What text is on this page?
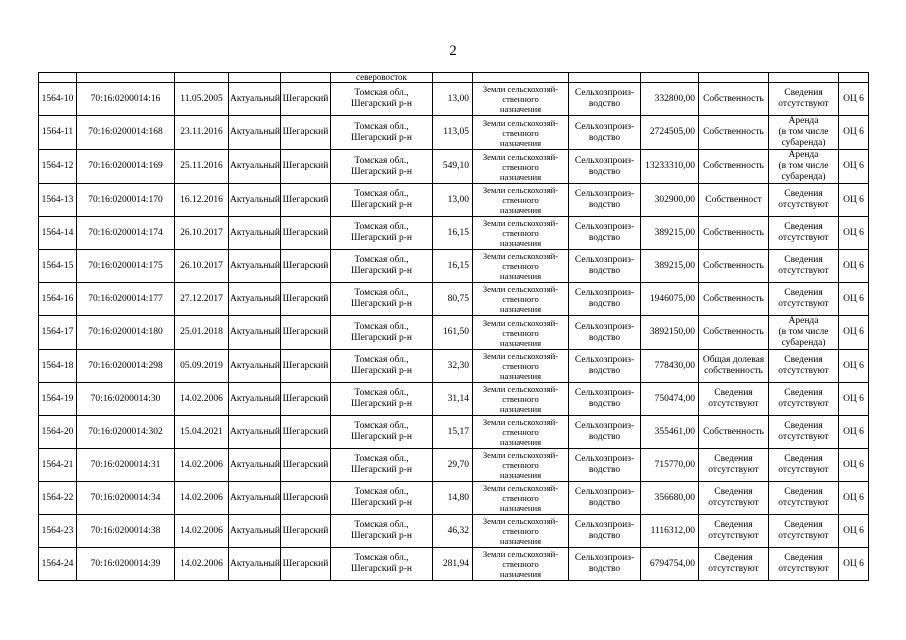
2
					северовосток							
1564-10	70:16:0200014:16	11.05.2005	Актуальный	Шегарский	Томская обл.,
Шегарский р-н	13,00	Земли сельскохозяй-
ственного
назначения	Сельхозпроиз-
водство	332800,00	Собственность	Сведения
отсутствуют	ОЦ 6
1564-11	70:16:0200014:168	23.11.2016	Актуальный	Шегарский	Томская обл.,
Шегарский р-н	113,05	Земли сельскохозяй-
ственного
назначения	Сельхозпроиз-
водство	2724505,00	Собственность	Аренда
(в том числе
субаренда)	ОЦ 6
1564-12	70:16:0200014:169	25.11.2016	Актуальный	Шегарский	Томская обл.,
Шегарский р-н	549,10	Земли сельскохозяй-
ственного
назначения	Сельхозпроиз-
водство	13233310,00	Собственность	Аренда
(в том числе
субаренда)	ОЦ 6
1564-13	70:16:0200014:170	16.12.2016	Актуальный	Шегарский	Томская обл.,
Шегарский р-н	13,00	Земли сельскохозяй-
ственного
назначения	Сельхозпроиз-
водство	302900,00	Собственност	Сведения
отсутствуют	ОЦ 6
1564-14	70:16:0200014:174	26.10.2017	Актуальный	Шегарский	Томская обл.,
Шегарский р-н	16,15	Земли сельскохозяй-
ственного
назначения	Сельхозпроиз-
водство	389215,00	Собственность	Сведения
отсутствуют	ОЦ 6
1564-15	70:16:0200014:175	26.10.2017	Актуальный	Шегарский	Томская обл.,
Шегарский р-н	16,15	Земли сельскохозяй-
ственного
назначения	Сельхозпроиз-
водство	389215,00	Собственность	Сведения
отсутствуют	ОЦ 6
1564-16	70:16:0200014:177	27.12.2017	Актуальный	Шегарский	Томская обл.,
Шегарский р-н	80,75	Земли сельскохозяй-
ственного
назначения	Сельхозпроиз-
водство	1946075,00	Собственность	Сведения
отсутствуют	ОЦ 6
1564-17	70:16:0200014:180	25.01.2018	Актуальный	Шегарский	Томская обл.,
Шегарский р-н	161,50	Земли сельскохозяй-
ственного
назначения	Сельхозпроиз-
водство	3892150,00	Собственность	Аренда
(в том числе
субаренда)	ОЦ 6
1564-18	70:16:0200014:298	05.09.2019	Актуальный	Шегарский	Томская обл.,
Шегарский р-н	32,30	Земли сельскохозяй-
ственного
назначения	Сельхозпроиз-
водство	778430,00	Общая долевая
собственность	Сведения
отсутствуют	ОЦ 6
1564-19	70:16:0200014:30	14.02.2006	Актуальный	Шегарский	Томская обл.,
Шегарский р-н	31,14	Земли сельскохозяй-
ственного
назначения	Сельхозпроиз-
водство	750474,00	Сведения
отсутствуют	Сведения
отсутствуют	ОЦ 6
1564-20	70:16:0200014:302	15.04.2021	Актуальный	Шегарский	Томская обл.,
Шегарский р-н	15,17	Земли сельскохозяй-
ственного
назначения	Сельхозпроиз-
водство	355461,00	Собственность	Сведения
отсутствуют	ОЦ 6
1564-21	70:16:0200014:31	14.02.2006	Актуальный	Шегарский	Томская обл.,
Шегарский р-н	29,70	Земли сельскохозяй-
ственного
назначения	Сельхозпроиз-
водство	715770,00	Сведения
отсутствуют	Сведения
отсутствуют	ОЦ 6
1564-22	70:16:0200014:34	14.02.2006	Актуальный	Шегарский	Томская обл.,
Шегарский р-н	14,80	Земли сельскохозяй-
ственного
назначения	Сельхозпроиз-
водство	356680,00	Сведения
отсутствуют	Сведения
отсутствуют	ОЦ 6
1564-23	70:16:0200014:38	14.02.2006	Актуальный	Шегарский	Томская обл.,
Шегарский р-н	46,32	Земли сельскохозяй-
ственного
назначения	Сельхозпроиз-
водство	1116312,00	Сведения
отсутствуют	Сведения
отсутствуют	ОЦ 6
1564-24	70:16:0200014:39	14.02.2006	Актуальный	Шегарский	Томская обл.,
Шегарский р-н	281,94	Земли сельскохозяй-
ственного
назначения	Сельхозпроиз-
водство	6794754,00	Сведения
отсутствуют	Сведения
отсутствуют	ОЦ 6
